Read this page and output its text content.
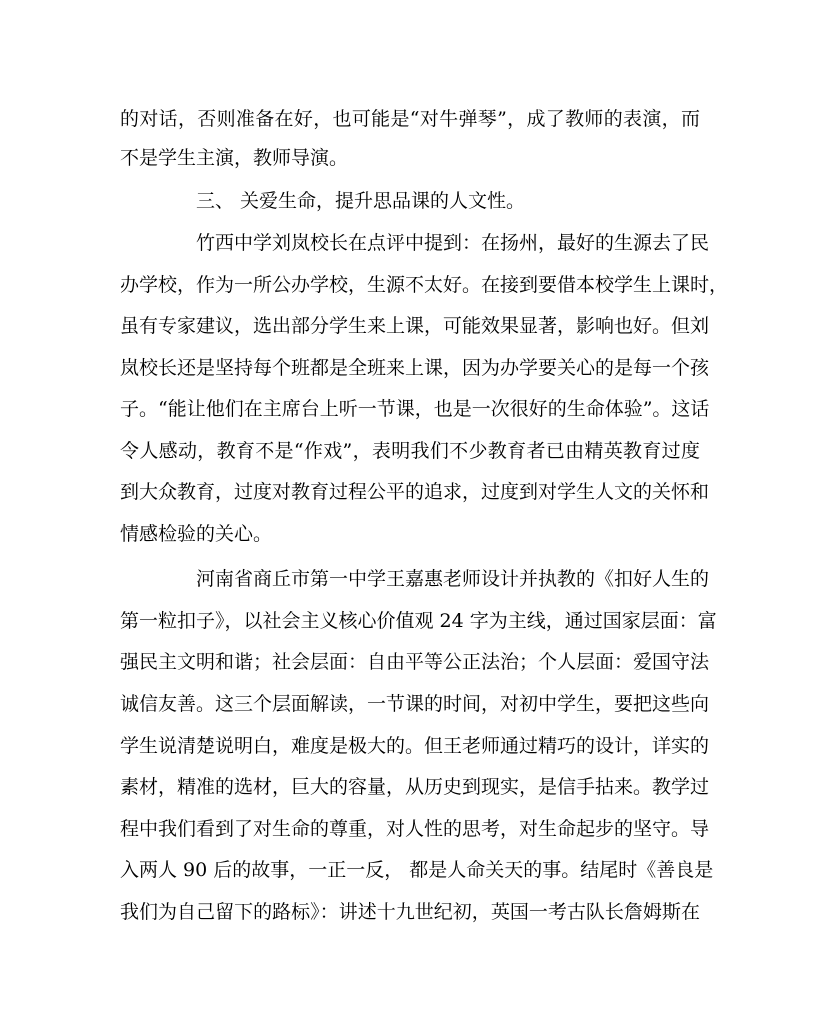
的对话，否则准备在好，也可能是“对牛弹琴”，成了教师的表演，而
不是学生主演，教师导演。
三、 关爱生命，提升思品课的人文性。
竹西中学刘岚校长在点评中提到：在扬州，最好的生源去了民
办学校，作为一所公办学校，生源不太好。在接到要借本校学生上课时，
虽有专家建议，选出部分学生来上课，可能效果显著，影响也好。但刘
岚校长还是坚持每个班都是全班来上课，因为办学要关心的是每一个孩
子。“能让他们在主席台上听一节课，也是一次很好的生命体验”。这话
令人感动，教育不是“作戏”，表明我们不少教育者已由精英教育过度
到大众教育，过度对教育过程公平的追求，过度到对学生人文的关怀和
情感检验的关心。
河南省商丘市第一中学王嘉惠老师设计并执教的《扣好人生的
第一粒扣子》，以社会主义核心价值观 24 字为主线，通过国家层面：富
强民主文明和谐；社会层面：自由平等公正法治；个人层面：爱国守法
诚信友善。这三个层面解读，一节课的时间，对初中学生，要把这些向
学生说清楚说明白，难度是极大的。但王老师通过精巧的设计，详实的
素材，精准的选材，巨大的容量，从历史到现实，是信手拈来。教学过
程中我们看到了对生命的尊重，对人性的思考，对生命起步的坚守。导
入两人 90 后的故事，一正一反， 都是人命关天的事。结尾时《善良是
我们为自己留下的路标》：讲述十九世纪初，英国一考古队长詹姆斯在
